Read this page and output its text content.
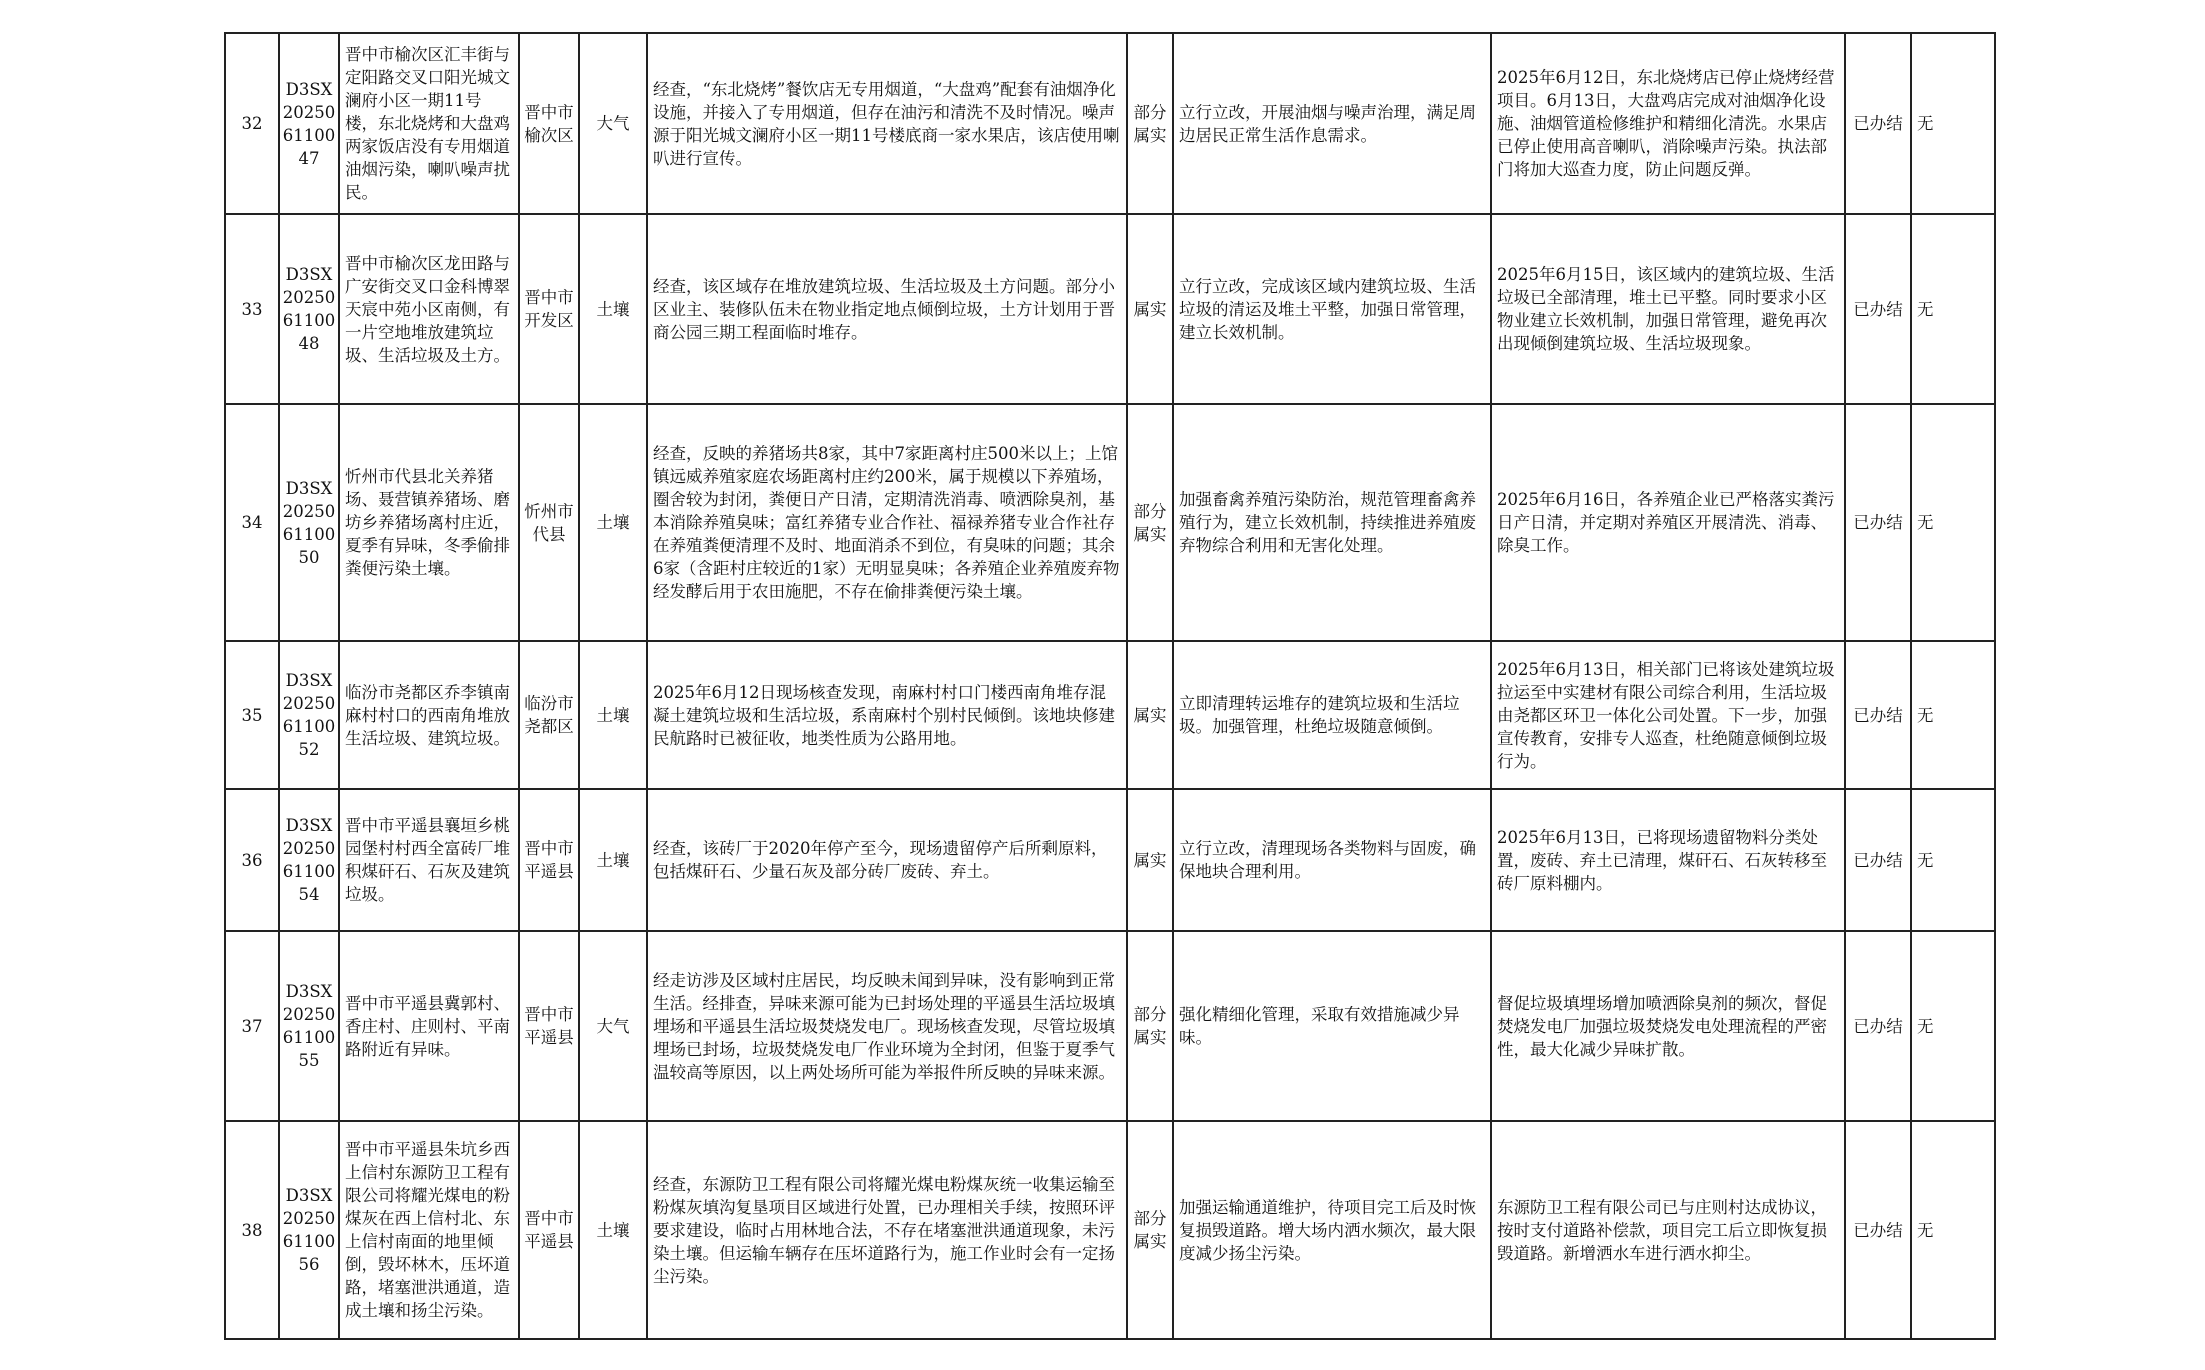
32	D3SX202506110047	晋中市榆次区汇丰街与定阳路交叉口阳光城文澜府小区一期11号楼，东北烧烤和大盘鸡两家饭店没有专用烟道油烟污染，喇叭噪声扰民。	晋中市榆次区	大气	经查，“东北烧烤”餐饮店无专用烟道，“大盘鸡”配套有油烟净化设施，并接入了专用烟道，但存在油污和清洗不及时情况。噪声源于阳光城文澜府小区一期11号楼底商一家水果店，该店使用喇叭进行宣传。	部分属实	立行立改，开展油烟与噪声治理，满足周边居民正常生活作息需求。	2025年6月12日，东北烧烤店已停止烧烤经营项目。6月13日，大盘鸡店完成对油烟净化设施、油烟管道检修维护和精细化清洗。水果店已停止使用高音喇叭，消除噪声污染。执法部门将加大巡查力度，防止问题反弹。	已办结	无
33	D3SX202506110048	晋中市榆次区龙田路与广安街交叉口金科博翠天宸中苑小区南侧，有一片空地堆放建筑垃圾、生活垃圾及土方。	晋中市开发区	土壤	经查，该区域存在堆放建筑垃圾、生活垃圾及土方问题。部分小区业主、装修队伍未在物业指定地点倾倒垃圾，土方计划用于晋商公园三期工程面临时堆存。	属实	立行立改，完成该区域内建筑垃圾、生活垃圾的清运及堆土平整，加强日常管理，建立长效机制。	2025年6月15日，该区域内的建筑垃圾、生活垃圾已全部清理，堆土已平整。同时要求小区物业建立长效机制，加强日常管理，避免再次出现倾倒建筑垃圾、生活垃圾现象。	已办结	无
34	D3SX202506110050	忻州市代县北关养猪场、聂营镇养猪场、磨坊乡养猪场离村庄近，夏季有异味，冬季偷排粪便污染土壤。	忻州市代县	土壤	经查，反映的养猪场共8家，其中7家距离村庄500米以上；上馆镇远威养殖家庭农场距离村庄约200米，属于规模以下养殖场，圈舍较为封闭，粪便日产日清，定期清洗消毒、喷洒除臭剂，基本消除养殖臭味；富红养猪专业合作社、福禄养猪专业合作社存在养殖粪便清理不及时、地面消杀不到位，有臭味的问题；其余6家（含距村庄较近的1家）无明显臭味；各养殖企业养殖废弃物经发酵后用于农田施肥，不存在偷排粪便污染土壤。	部分属实	加强畜禽养殖污染防治，规范管理畜禽养殖行为，建立长效机制，持续推进养殖废弃物综合利用和无害化处理。	2025年6月16日，各养殖企业已严格落实粪污日产日清，并定期对养殖区开展清洗、消毒、除臭工作。	已办结	无
35	D3SX202506110052	临汾市尧都区乔李镇南麻村村口的西南角堆放生活垃圾、建筑垃圾。	临汾市尧都区	土壤	2025年6月12日现场核查发现，南麻村村口门楼西南角堆存混凝土建筑垃圾和生活垃圾，系南麻村个别村民倾倒。该地块修建民航路时已被征收，地类性质为公路用地。	属实	立即清理转运堆存的建筑垃圾和生活垃圾。加强管理，杜绝垃圾随意倾倒。	2025年6月13日，相关部门已将该处建筑垃圾拉运至中实建材有限公司综合利用，生活垃圾由尧都区环卫一体化公司处置。下一步，加强宣传教育，安排专人巡查，杜绝随意倾倒垃圾行为。	已办结	无
36	D3SX202506110054	晋中市平遥县襄垣乡桃园堡村村西全富砖厂堆积煤矸石、石灰及建筑垃圾。	晋中市平遥县	土壤	经查，该砖厂于2020年停产至今，现场遗留停产后所剩原料，包括煤矸石、少量石灰及部分砖厂废砖、弃土。	属实	立行立改，清理现场各类物料与固废，确保地块合理利用。	2025年6月13日，已将现场遗留物料分类处置，废砖、弃土已清理，煤矸石、石灰转移至砖厂原料棚内。	已办结	无
37	D3SX202506110055	晋中市平遥县冀郭村、香庄村、庄则村、平南路附近有异味。	晋中市平遥县	大气	经走访涉及区域村庄居民，均反映未闻到异味，没有影响到正常生活。经排查，异味来源可能为已封场处理的平遥县生活垃圾填埋场和平遥县生活垃圾焚烧发电厂。现场核查发现，尽管垃圾填埋场已封场，垃圾焚烧发电厂作业环境为全封闭，但鉴于夏季气温较高等原因，以上两处场所可能为举报件所反映的异味来源。	部分属实	强化精细化管理，采取有效措施减少异味。	督促垃圾填埋场增加喷洒除臭剂的频次，督促焚烧发电厂加强垃圾焚烧发电处理流程的严密性，最大化减少异味扩散。	已办结	无
38	D3SX202506110056	晋中市平遥县朱坑乡西上信村东源防卫工程有限公司将耀光煤电的粉煤灰在西上信村北、东上信村南面的地里倾倒，毁坏林木，压坏道路，堵塞泄洪通道，造成土壤和扬尘污染。	晋中市平遥县	土壤	经查，东源防卫工程有限公司将耀光煤电粉煤灰统一收集运输至粉煤灰填沟复垦项目区域进行处置，已办理相关手续，按照环评要求建设，临时占用林地合法，不存在堵塞泄洪通道现象，未污染土壤。但运输车辆存在压坏道路行为，施工作业时会有一定扬尘污染。	部分属实	加强运输通道维护，待项目完工后及时恢复损毁道路。增大场内洒水频次，最大限度减少扬尘污染。	东源防卫工程有限公司已与庄则村达成协议，按时支付道路补偿款，项目完工后立即恢复损毁道路。新增洒水车进行洒水抑尘。	已办结	无
